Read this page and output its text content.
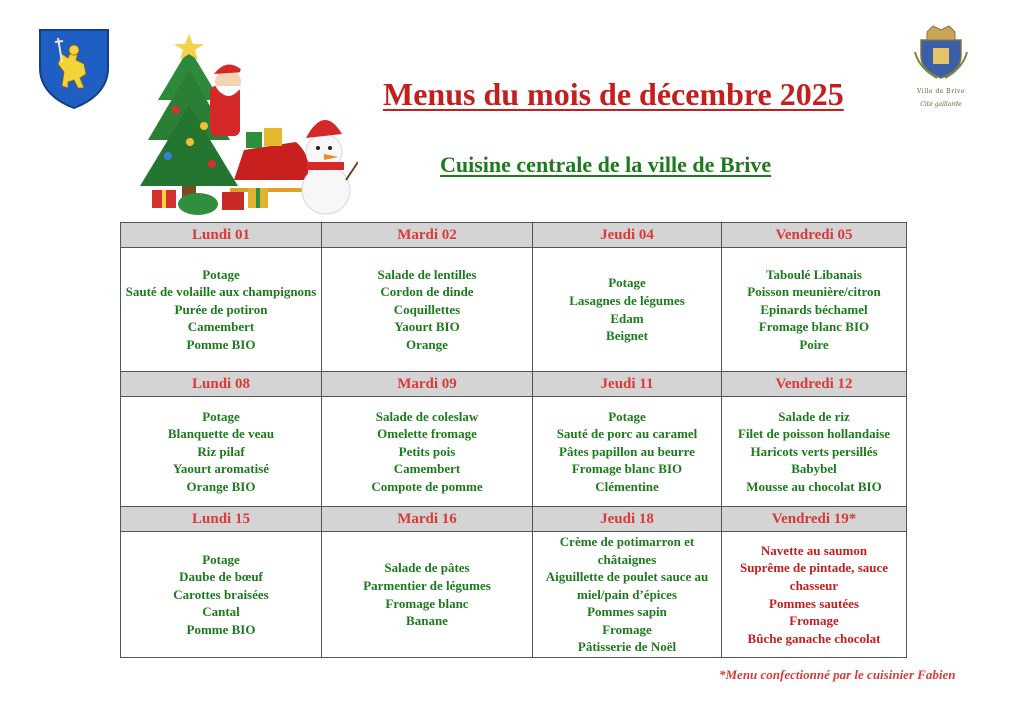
Ville de Brive
Cité gaillarde
Menus du mois de décembre 2025
Cuisine centrale de la ville de Brive
Lundi 01	Mardi 02	Jeudi 04	Vendredi 05

Potage
Sauté de volaille aux champignons
Purée de potiron
Camembert
Pomme BIO	Salade de lentilles
Cordon de dinde
Coquillettes
Yaourt BIO
Orange	Potage
Lasagnes de légumes
Edam
Beignet	Taboulé Libanais
Poisson meunière/citron
Epinards béchamel
Fromage blanc BIO
Poire

Lundi 08	Mardi 09	Jeudi 11	Vendredi 12

Potage
Blanquette de veau
Riz pilaf
Yaourt aromatisé
Orange BIO	Salade de coleslaw
Omelette fromage
Petits pois
Camembert
Compote de pomme	Potage
Sauté de porc au caramel
Pâtes papillon au beurre
Fromage blanc BIO
Clémentine	Salade de riz
Filet de poisson hollandaise
Haricots verts persillés
Babybel
Mousse au chocolat BIO

Lundi 15	Mardi 16	Jeudi 18	Vendredi 19*

Potage
Daube de bœuf
Carottes braisées
Cantal
Pomme BIO	Salade de pâtes
Parmentier de légumes
Fromage blanc
Banane	Crème de potimarron et châtaignes
Aiguillette de poulet sauce au miel/pain d’épices
Pommes sapin
Fromage
Pâtisserie de Noël	Navette au saumon
Suprême de pintade, sauce chasseur
Pommes sautées
Fromage
Bûche ganache chocolat

*Menu confectionné par le cuisinier Fabien
